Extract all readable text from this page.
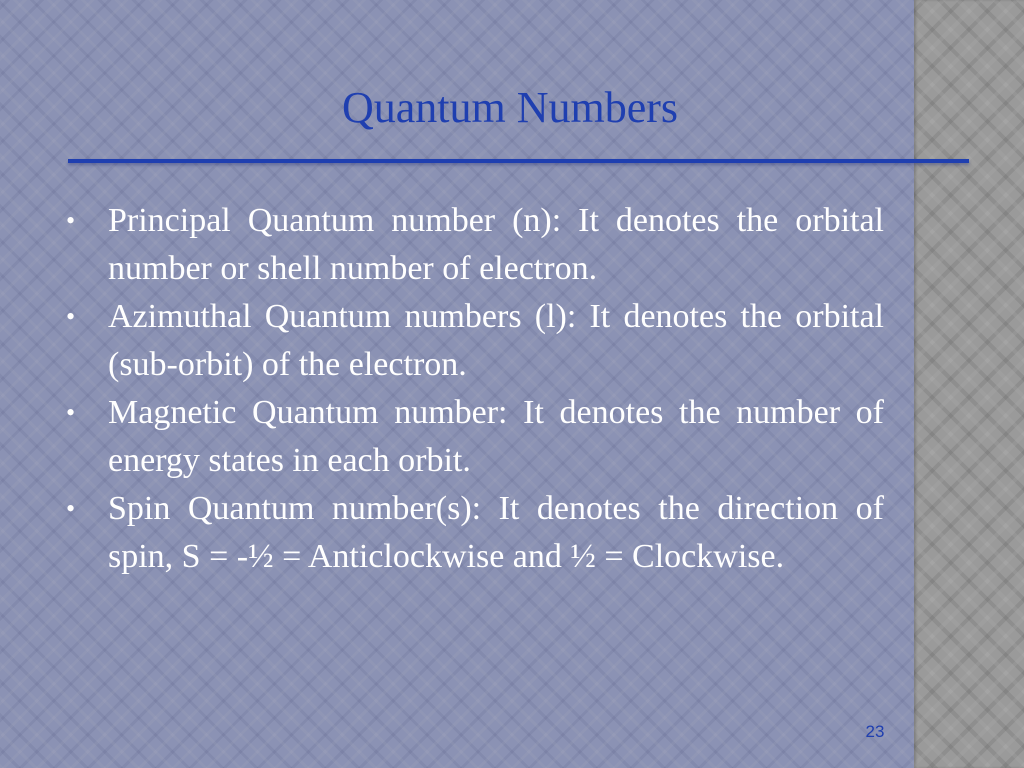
Quantum Numbers
• Principal Quantum number (n): It denotes the orbital number or shell number of electron.
• Azimuthal Quantum numbers (l): It denotes the orbital (sub-orbit) of the electron.
• Magnetic Quantum number: It denotes the number of energy states in each orbit.
• Spin Quantum number(s): It denotes the direction of spin, S = -½ = Anticlockwise and ½ = Clockwise.
23
